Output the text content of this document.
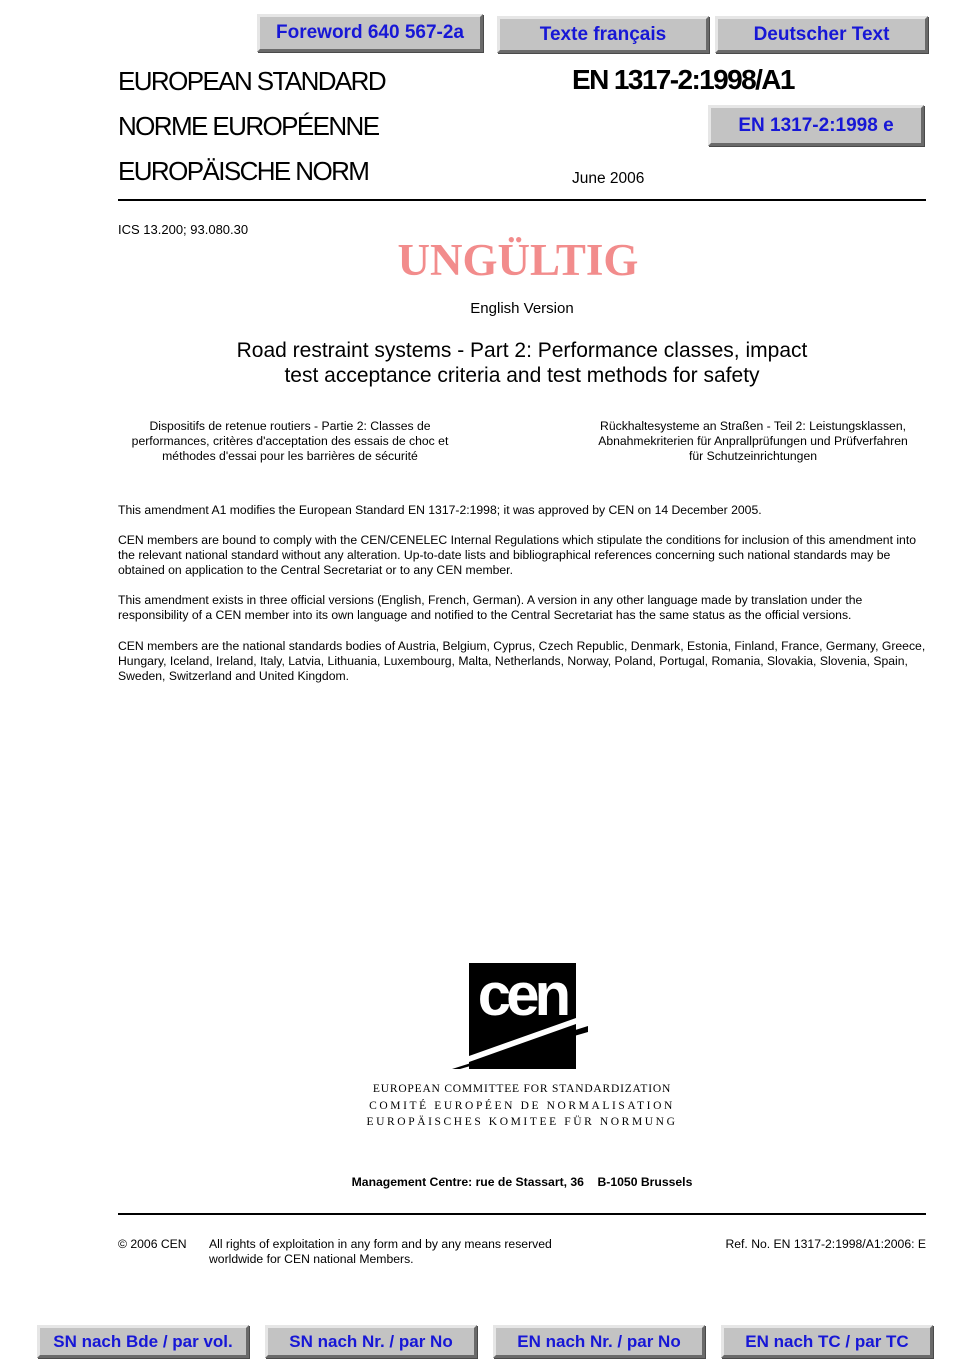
Foreword 640 567-2a	Texte français	Deutscher Text
EUROPEAN STANDARD
NORME EUROPÉENNE
EUROPÄISCHE NORM
EN 1317-2:1998/A1
EN 1317-2:1998 e
June 2006
ICS 13.200; 93.080.30
UNGÜLTIG
English Version
Road restraint systems - Part 2: Performance classes, impact
test acceptance criteria and test methods for safety
Dispositifs de retenue routiers - Partie 2: Classes de
performances, critères d'acceptation des essais de choc et
méthodes d'essai pour les barrières de sécurité
Rückhaltesysteme an Straßen - Teil 2: Leistungsklassen,
Abnahmekriterien für Anprallprüfungen und Prüfverfahren
für Schutzeinrichtungen

This amendment A1 modifies the European Standard EN 1317-2:1998; it was approved by CEN on 14 December 2005.

CEN members are bound to comply with the CEN/CENELEC Internal Regulations which stipulate the conditions for inclusion of this amendment into the relevant national standard without any alteration. Up-to-date lists and bibliographical references concerning such national standards may be obtained on application to the Central Secretariat or to any CEN member.

This amendment exists in three official versions (English, French, German). A version in any other language made by translation under the responsibility of a CEN member into its own language and notified to the Central Secretariat has the same status as the official versions.

CEN members are the national standards bodies of Austria, Belgium, Cyprus, Czech Republic, Denmark, Estonia, Finland, France, Germany, Greece, Hungary, Iceland, Ireland, Italy, Latvia, Lithuania, Luxembourg, Malta, Netherlands, Norway, Poland, Portugal, Romania, Slovakia, Slovenia, Spain, Sweden, Switzerland and United Kingdom.

cen
EUROPEAN COMMITTEE FOR STANDARDIZATION
COMITÉ EUROPÉEN DE NORMALISATION
EUROPÄISCHES KOMITEE FÜR NORMUNG
Management Centre: rue de Stassart, 36    B-1050 Brussels
© 2006 CEN All rights of exploitation in any form and by any means reserved
worldwide for CEN national Members.
Ref. No. EN 1317-2:1998/A1:2006: E
SN nach Bde / par vol.	SN nach Nr. / par No	EN nach Nr. / par No	EN nach TC / par TC
